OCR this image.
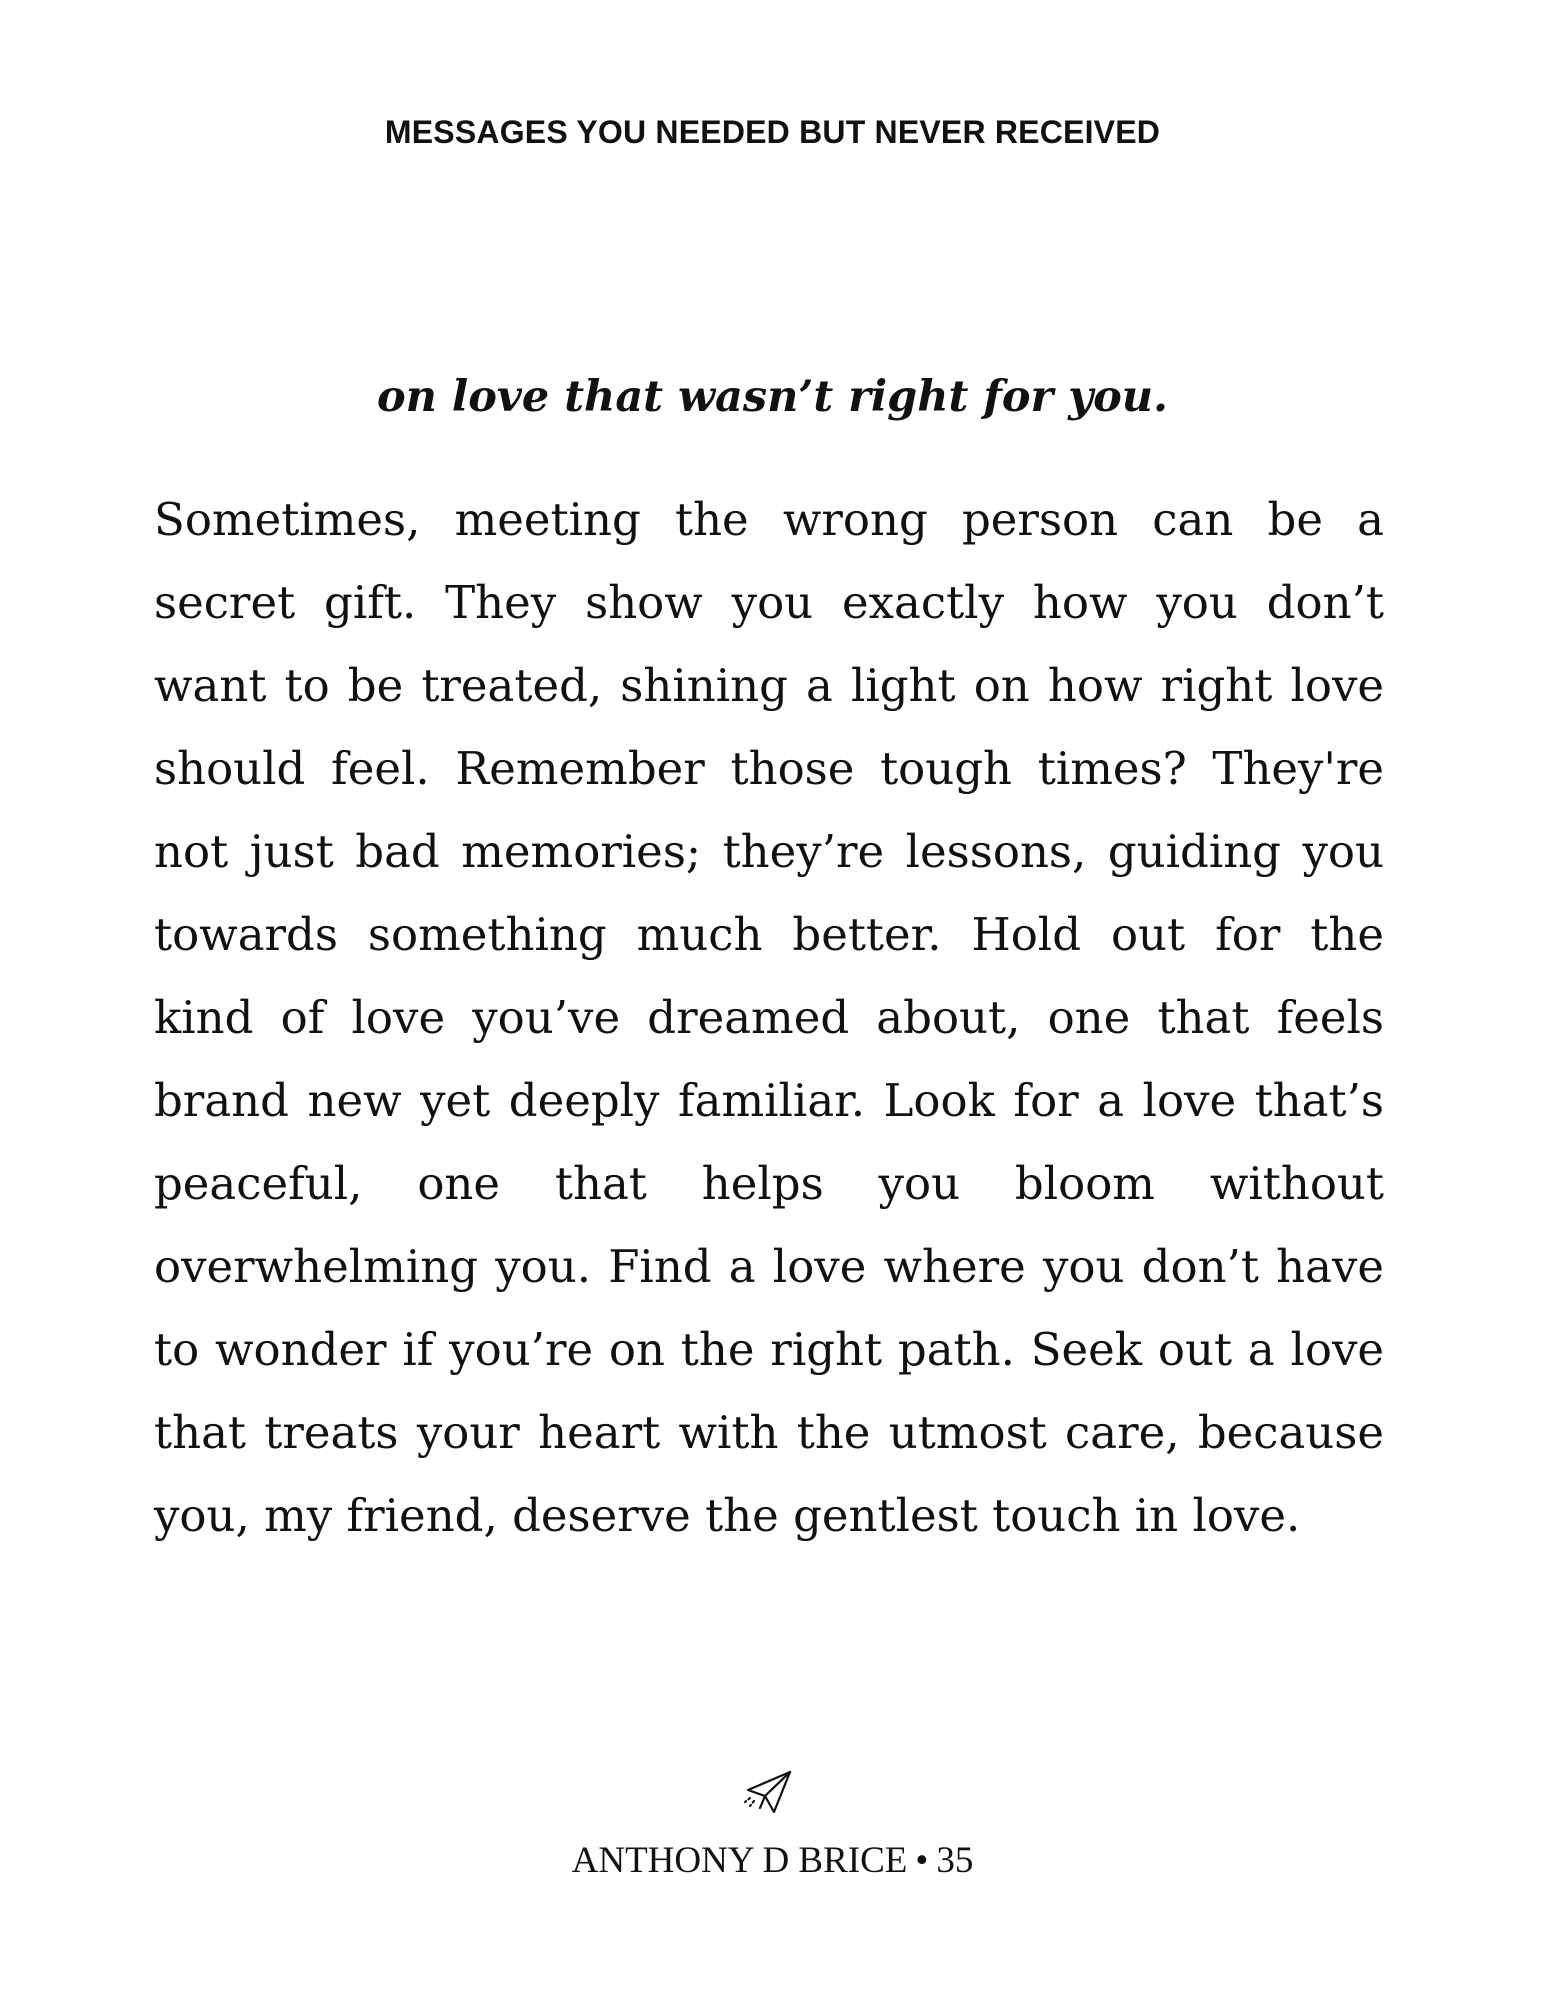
MESSAGES YOU NEEDED BUT NEVER RECEIVED
on love that wasn’t right for you.

Sometimes, meeting the wrong person can be a secret gift. They show you exactly how you don’t want to be treated, shining a light on how right love should feel. Remember those tough times? They're not just bad memories; they’re lessons, guiding you towards something much better. Hold out for the kind of love you’ve dreamed about, one that feels brand new yet deeply familiar. Look for a love that’s peaceful, one that helps you bloom without overwhelming you. Find a love where you don’t have to wonder if you’re on the right path. Seek out a love that treats your heart with the utmost care, because you, my friend, deserve the gentlest touch in love.

ANTHONY D BRICE • 35
